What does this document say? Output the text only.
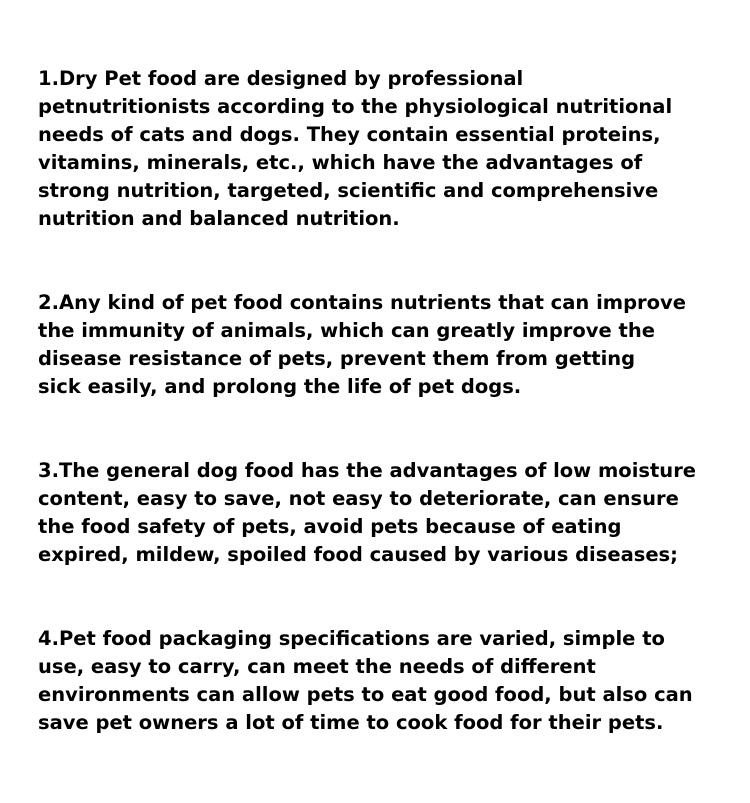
1.Dry Pet food are designed by professional
petnutritionists according to the physiological nutritional
needs of cats and dogs. They contain essential proteins,
vitamins, minerals, etc., which have the advantages of
strong nutrition, targeted, scientific and comprehensive
nutrition and balanced nutrition.

2.Any kind of pet food contains nutrients that can improve
the immunity of animals, which can greatly improve the
disease resistance of pets, prevent them from getting
sick easily, and prolong the life of pet dogs.

3.The general dog food has the advantages of low moisture
content, easy to save, not easy to deteriorate, can ensure
the food safety of pets, avoid pets because of eating
expired, mildew, spoiled food caused by various diseases;

4.Pet food packaging specifications are varied, simple to
use, easy to carry, can meet the needs of different
environments can allow pets to eat good food, but also can
save pet owners a lot of time to cook food for their pets.
